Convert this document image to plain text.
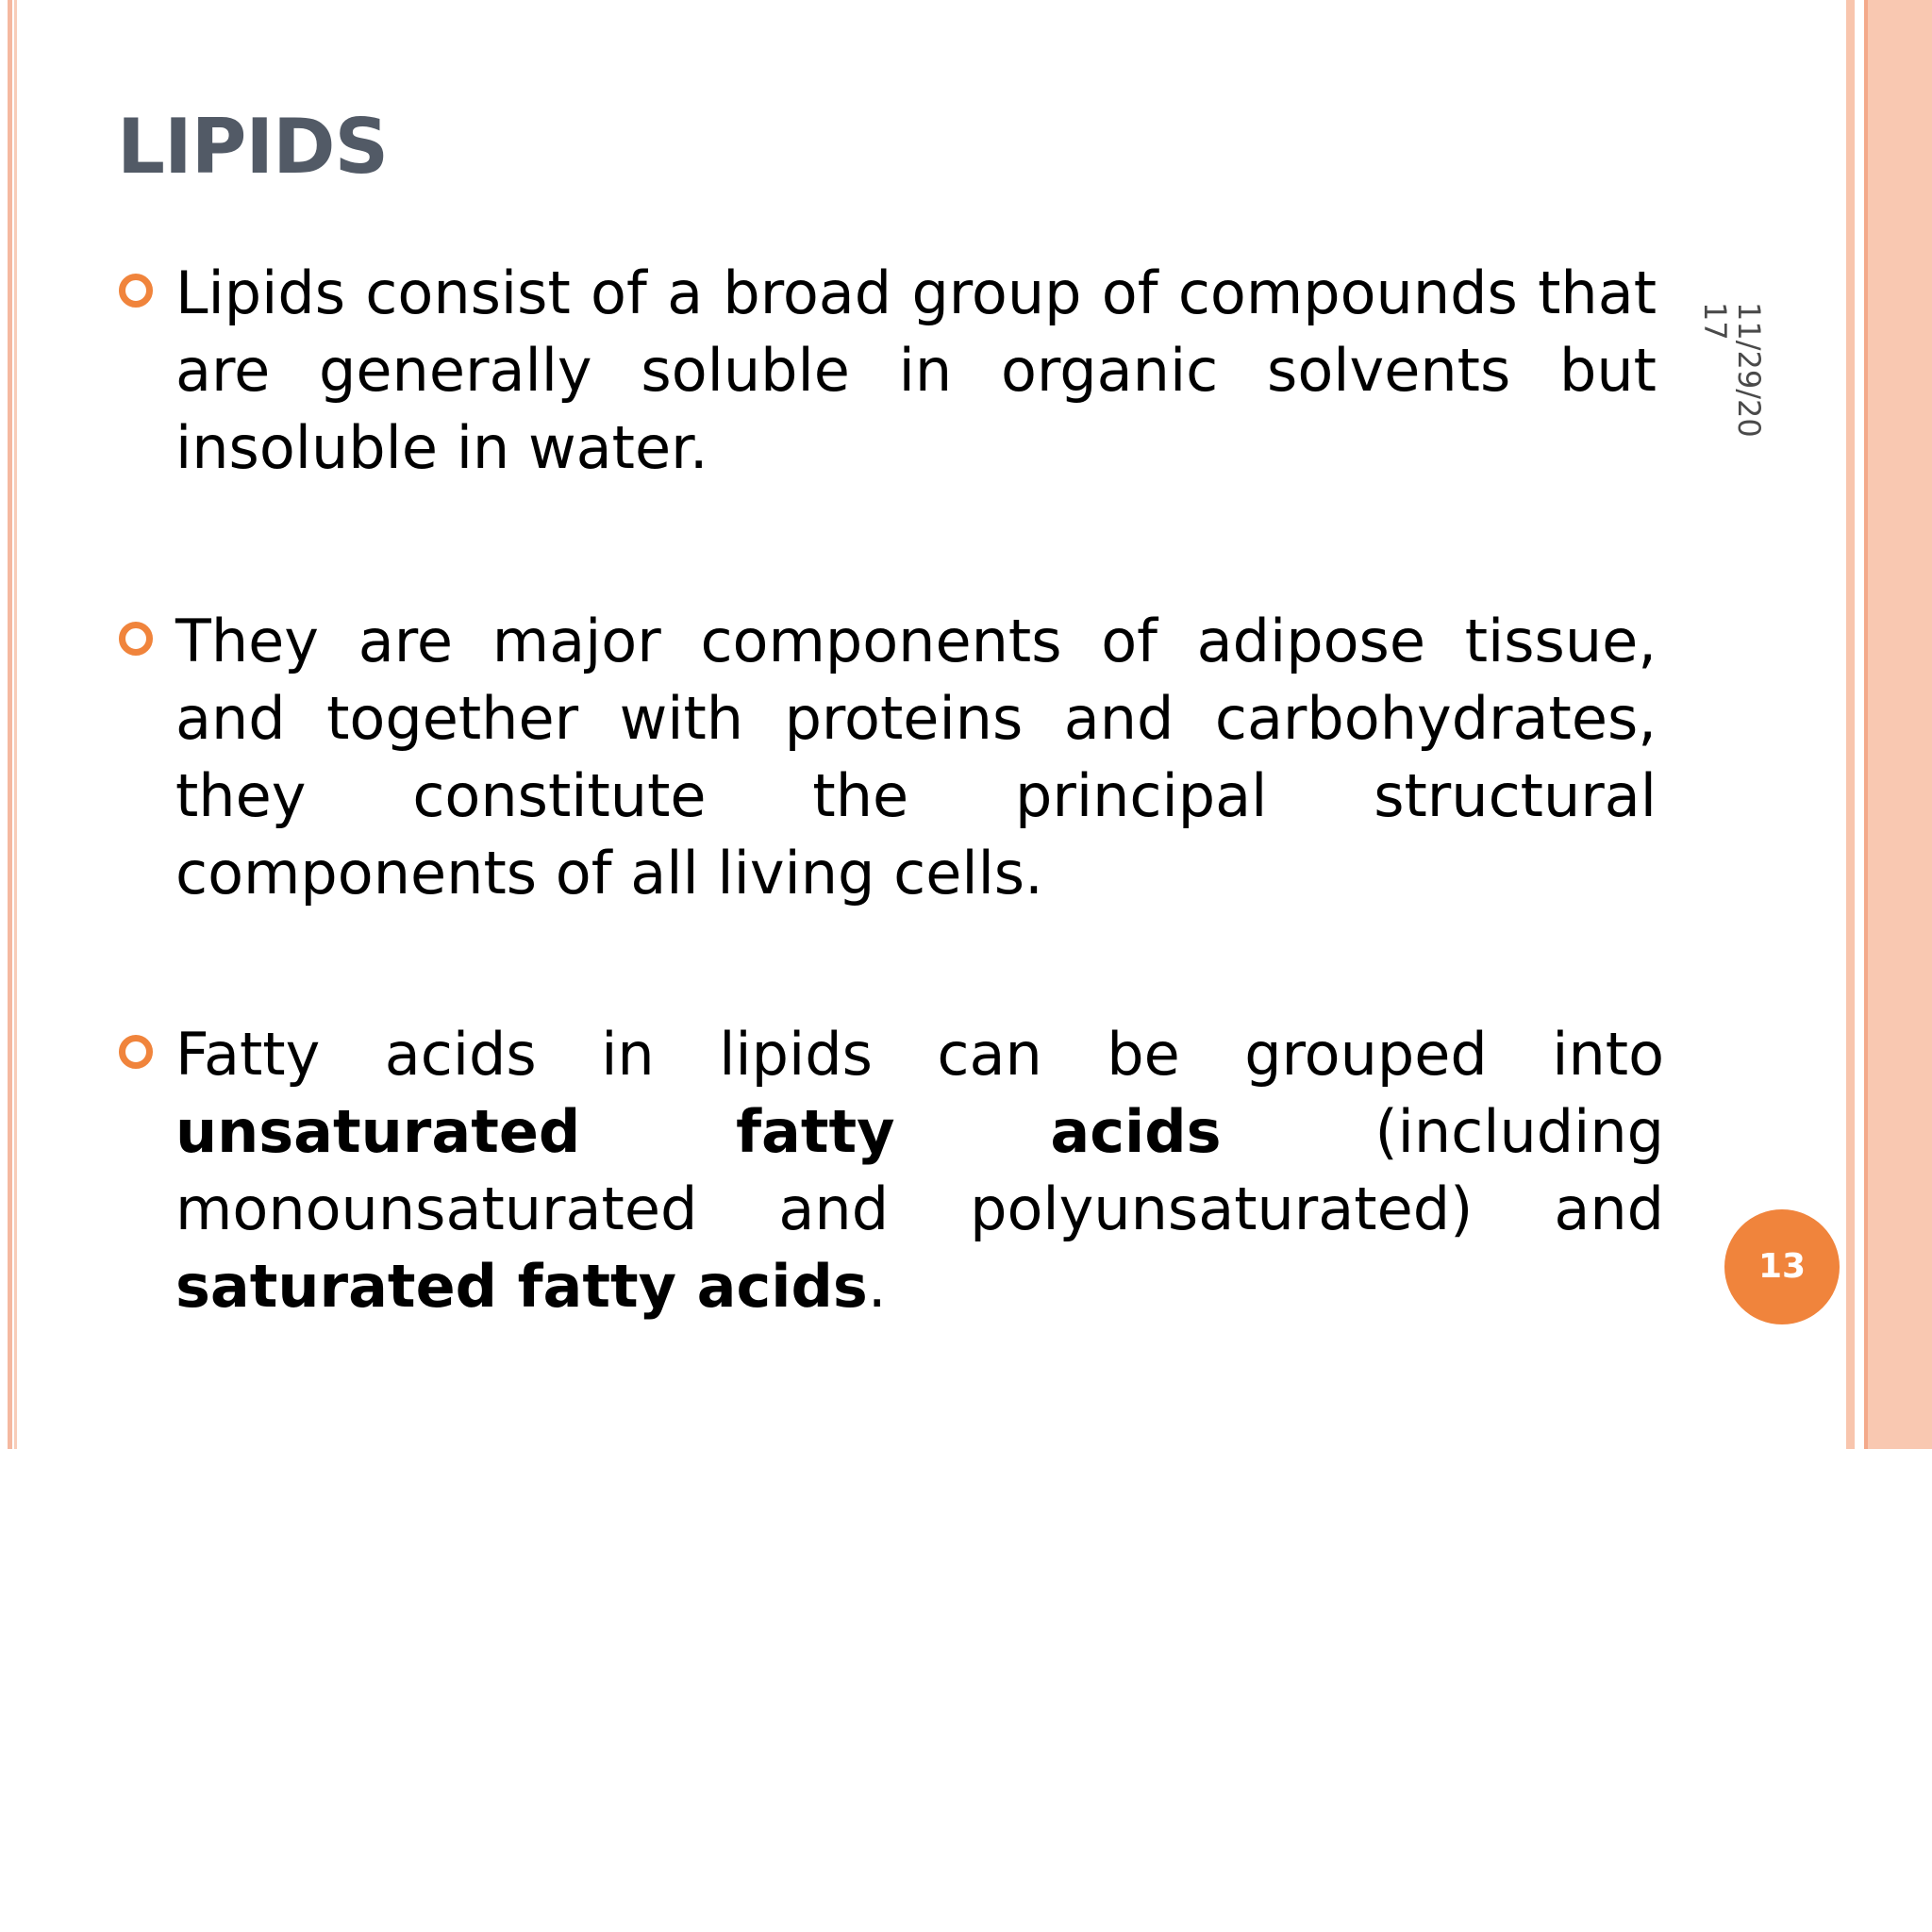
LIPIDS
Lipids consist of a broad group of compounds that are generally soluble in organic solvents but insoluble in water.
They are major components of adipose tissue, and together with proteins and carbohydrates, they constitute the principal structural components of all living cells.
Fatty acids in lipids can be grouped into unsaturated fatty acids (including monounsaturated and polyunsaturated) and saturated fatty acids.
11/29/2017
13
